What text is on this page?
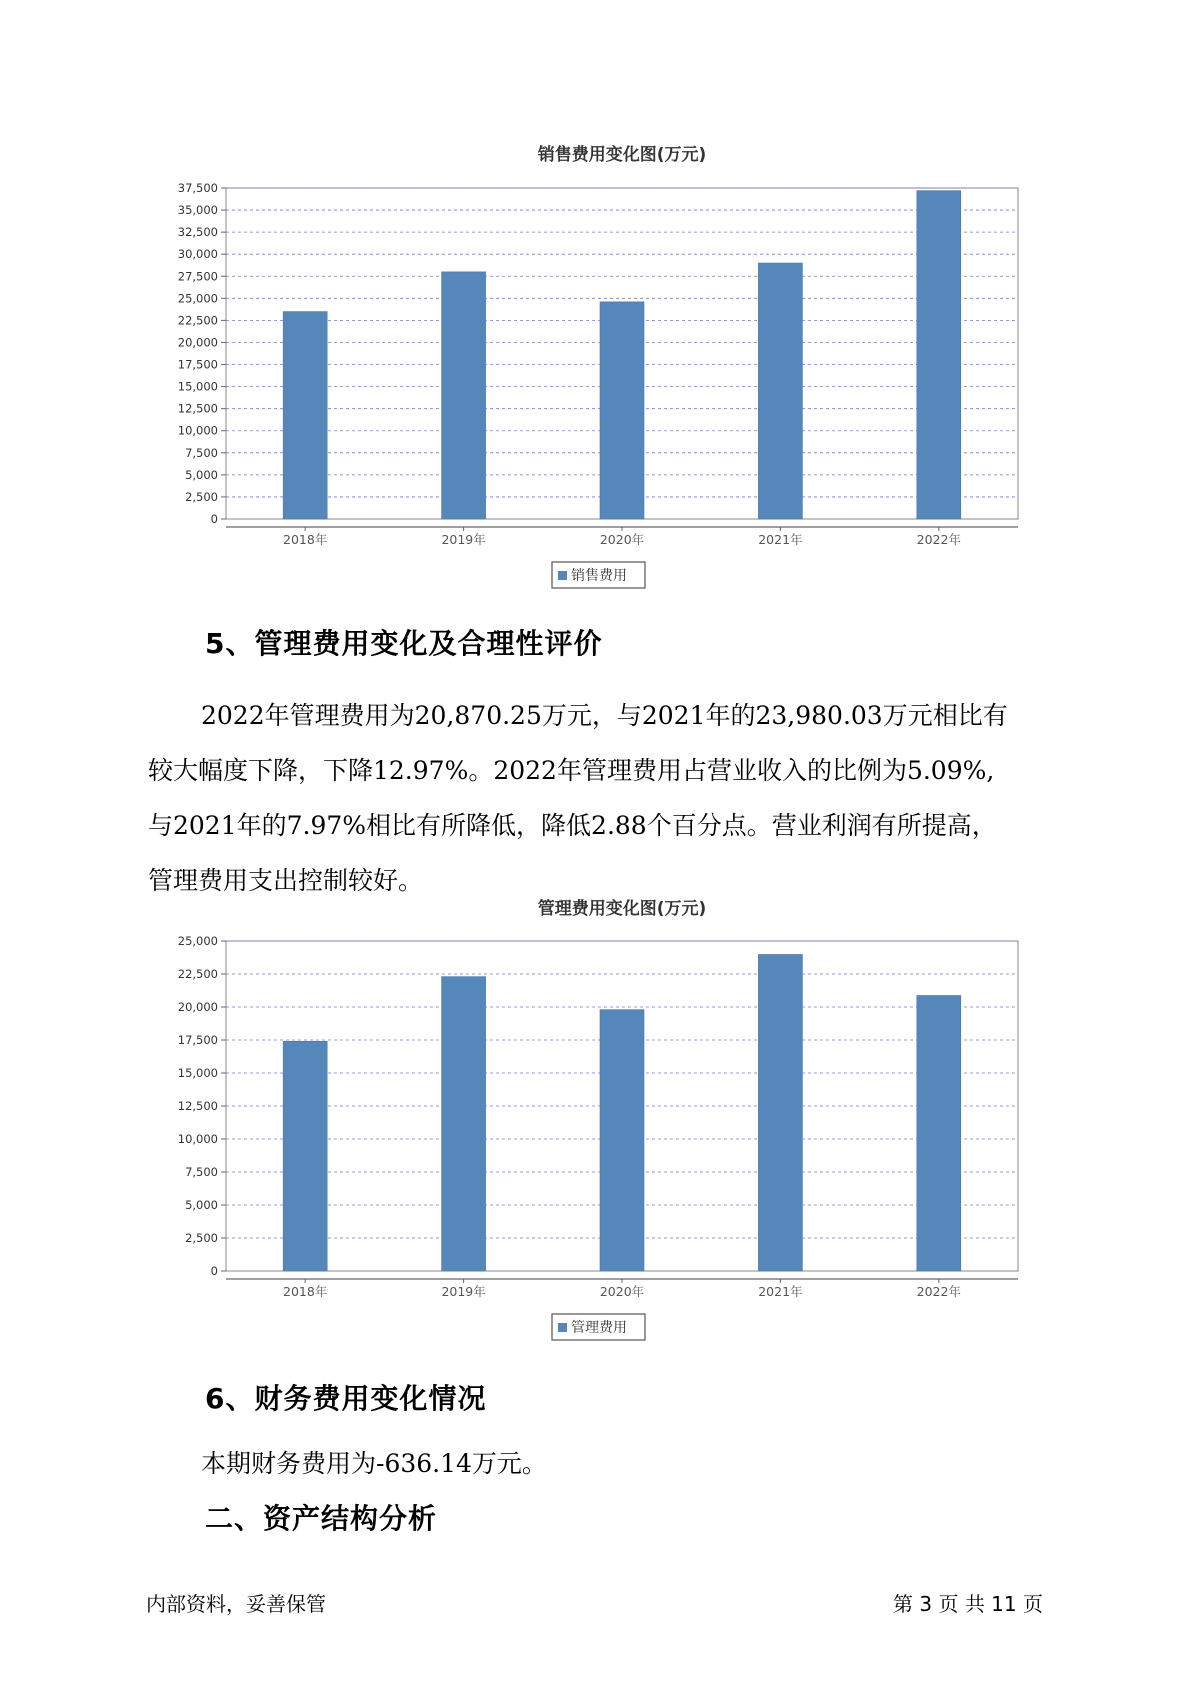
销售费用变化图(万元)
0
2,500
5,000
7,500
10,000
12,500
15,000
17,500
20,000
22,500
25,000
27,500
30,000
32,500
35,000
37,500
2018年	2019年	2020年	2021年	2022年
销售费用
5、管理费用变化及合理性评价

2022年管理费用为20,870.25万元，与2021年的23,980.03万元相比有

较大幅度下降，下降12.97%。2022年管理费用占营业收入的比例为5.09%,

与2021年的7.97%相比有所降低，降低2.88个百分点。营业利润有所提高，

管理费用支出控制较好。

管理费用变化图(万元)
0
2,500
5,000
7,500
10,000
12,500
15,000
17,500
20,000
22,500
25,000
2018年	2019年	2020年	2021年	2022年
管理费用
6、财务费用变化情况
本期财务费用为-636.14万元。
二、资产结构分析
内部资料，妥善保管	第 3 页 共 11 页
